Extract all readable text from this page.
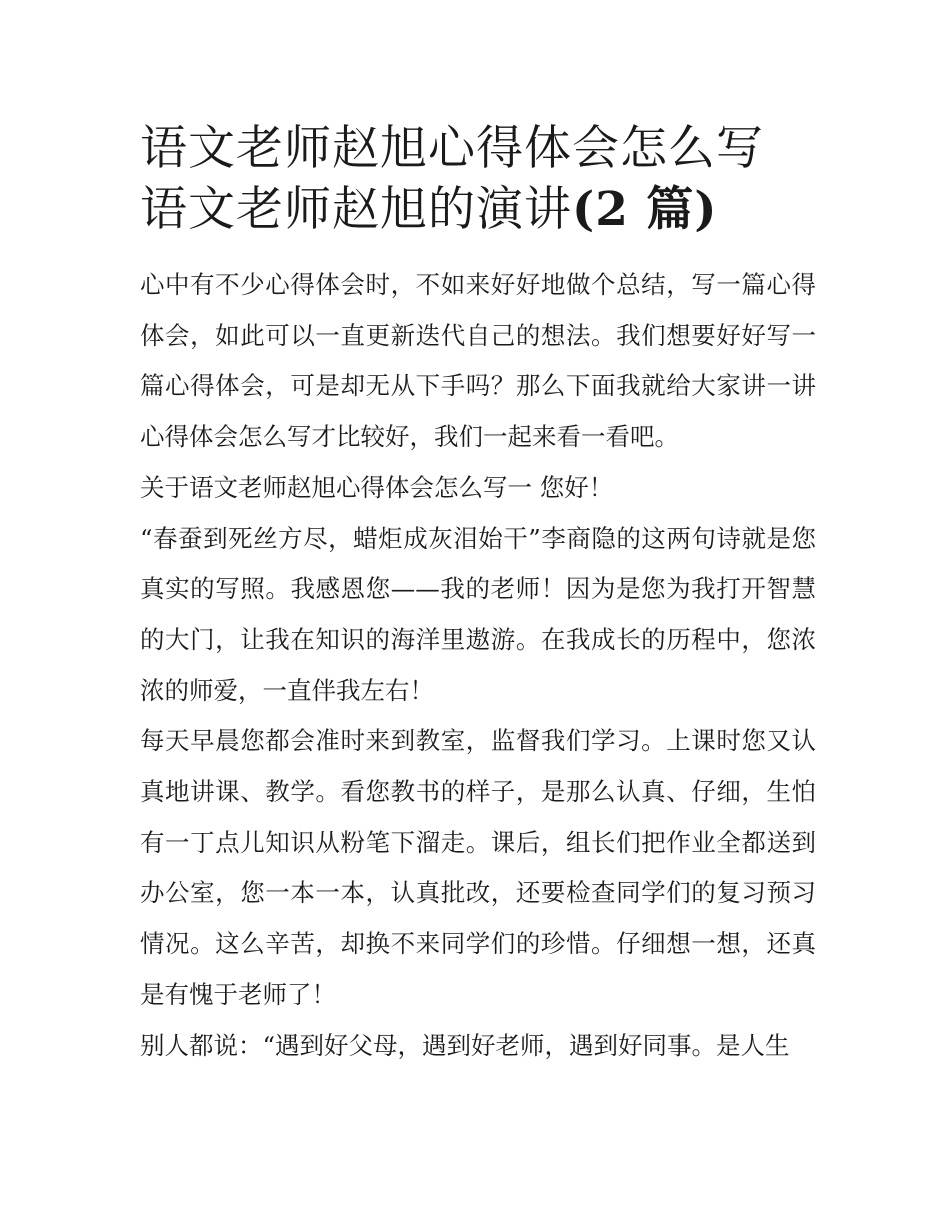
语文老师赵旭心得体会怎么写
语文老师赵旭的演讲(2 篇)

心中有不少心得体会时，不如来好好地做个总结，写一篇心得体会，如此可以一直更新迭代自己的想法。我们想要好好写一篇心得体会，可是却无从下手吗？那么下面我就给大家讲一讲心得体会怎么写才比较好，我们一起来看一看吧。

关于语文老师赵旭心得体会怎么写一 您好！

“春蚕到死丝方尽，蜡炬成灰泪始干”李商隐的这两句诗就是您真实的写照。我感恩您——我的老师！因为是您为我打开智慧的大门，让我在知识的海洋里遨游。在我成长的历程中，您浓浓的师爱，一直伴我左右！

每天早晨您都会准时来到教室，监督我们学习。上课时您又认真地讲课、教学。看您教书的样子，是那么认真、仔细，生怕有一丁点儿知识从粉笔下溜走。课后，组长们把作业全都送到办公室，您一本一本，认真批改，还要检查同学们的复习预习情况。这么辛苦，却换不来同学们的珍惜。仔细想一想，还真是有愧于老师了！

别人都说：“遇到好父母，遇到好老师，遇到好同事。是人生
